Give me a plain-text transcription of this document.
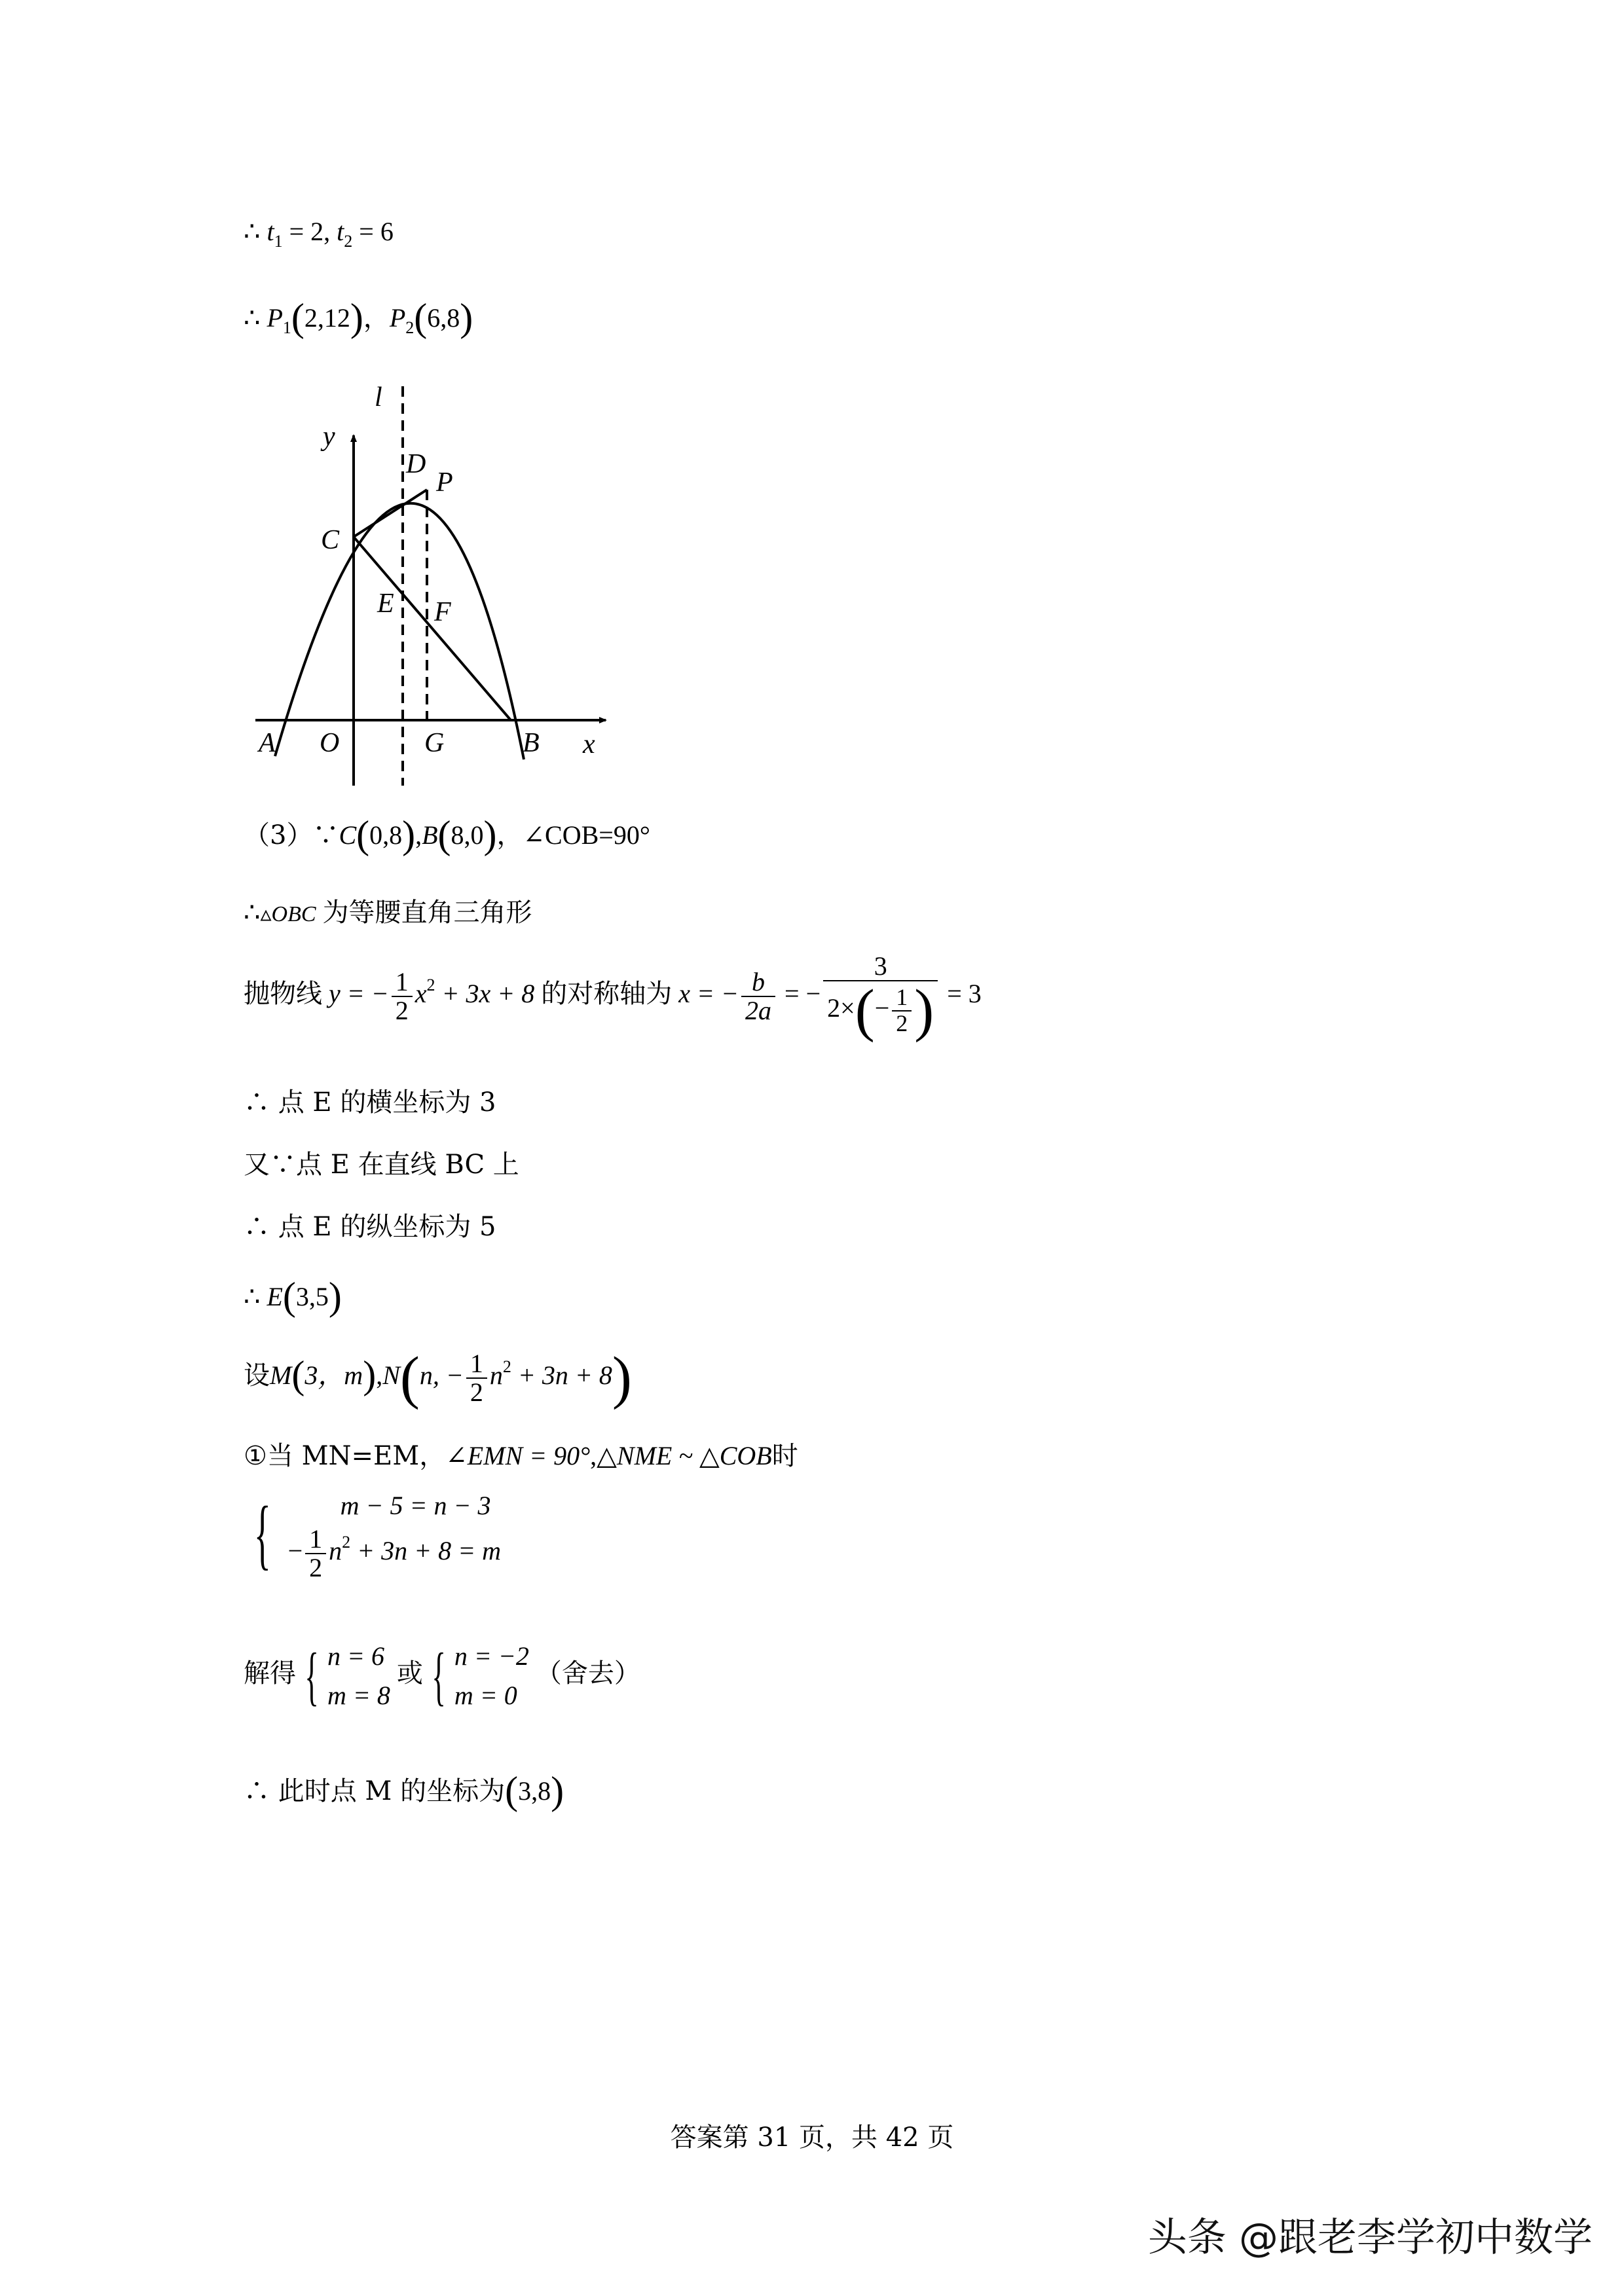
∴ $t_1 = 2$, $t_2 = 6$
∴ $P_1(2,12)$，$P_2(6,8)$
l
y
D
P
C
E F
A O	G	B x
（3）∵C(0,8),B(8,0)，∠COB=90°
∴▵OBC 为等腰直角三角形
抛物线 y = − $\frac{1}{2} x^2 + 3x + 8$ 的对称轴为 x = − $\frac{b}{2a}$ = − $\frac{3}{2\times(- \frac{1}{2} )} = 3$
∴ 点 E 的横坐标为 3
又∵点 E 在直线 BC 上
∴ 点 E 的纵坐标为 5
∴ E(3,5)
设M(3，m),N(n, − $\frac{1}{2} n^2 + 3n + 8$)
①当 MN=EM，∠EMN = 90°,△NME ~ △COB时
{	m − 5 = n − 3
− $\frac{1}{2} n^2 + 3n + 8 = m$
解得 { n = 6
m = 8
或 { n = −2
m = 0
（舍去）
∴ 此时点 M 的坐标为(3,8)
答案第 31 页，共 42 页
头条 @跟老李学初中数学
